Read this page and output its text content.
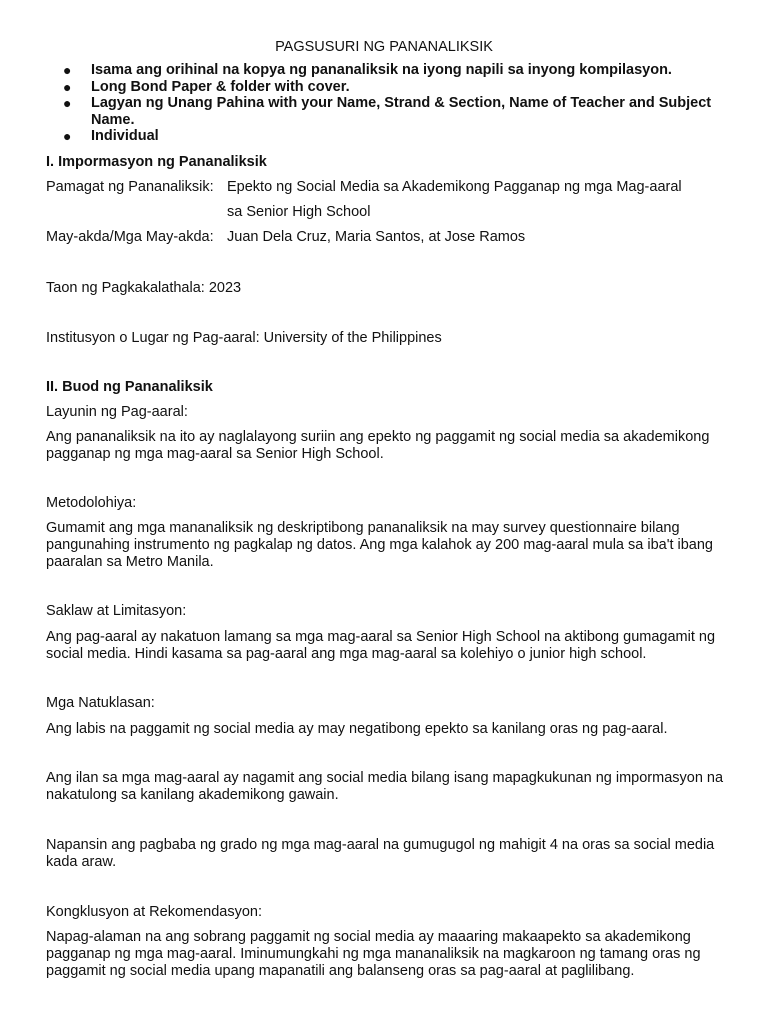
PAGSUSURI NG PANANALIKSIK
● Isama ang orihinal na kopya ng pananaliksik na iyong napili sa inyong kompilasyon.
● Long Bond Paper & folder with cover.
● Lagyan ng Unang Pahina with your Name, Strand & Section, Name of Teacher and Subject Name.
● Individual
I. Impormasyon ng Pananaliksik
Pamagat ng Pananaliksik: Epekto ng Social Media sa Akademikong Pagganap ng mga Mag-aaral
sa Senior High School
May-akda/Mga May-akda: Juan Dela Cruz, Maria Santos, at Jose Ramos
Taon ng Pagkakalathala: 2023
Institusyon o Lugar ng Pag-aaral: University of the Philippines
II. Buod ng Pananaliksik
Layunin ng Pag-aaral:
Ang pananaliksik na ito ay naglalayong suriin ang epekto ng paggamit ng social media sa akademikong pagganap ng mga mag-aaral sa Senior High School.
Metodolohiya:
Gumamit ang mga mananaliksik ng deskriptibong pananaliksik na may survey questionnaire bilang pangunahing instrumento ng pagkalap ng datos. Ang mga kalahok ay 200 mag-aaral mula sa iba't ibang paaralan sa Metro Manila.
Saklaw at Limitasyon:
Ang pag-aaral ay nakatuon lamang sa mga mag-aaral sa Senior High School na aktibong gumagamit ng social media. Hindi kasama sa pag-aaral ang mga mag-aaral sa kolehiyo o junior high school.
Mga Natuklasan:
Ang labis na paggamit ng social media ay may negatibong epekto sa kanilang oras ng pag-aaral.
Ang ilan sa mga mag-aaral ay nagamit ang social media bilang isang mapagkukunan ng impormasyon na nakatulong sa kanilang akademikong gawain.
Napansin ang pagbaba ng grado ng mga mag-aaral na gumugugol ng mahigit 4 na oras sa social media kada araw.
Kongklusyon at Rekomendasyon:
Napag-alaman na ang sobrang paggamit ng social media ay maaaring makaapekto sa akademikong pagganap ng mga mag-aaral. Iminumungkahi ng mga mananaliksik na magkaroon ng tamang oras ng paggamit ng social media upang mapanatili ang balanseng oras sa pag-aaral at paglilibang.
